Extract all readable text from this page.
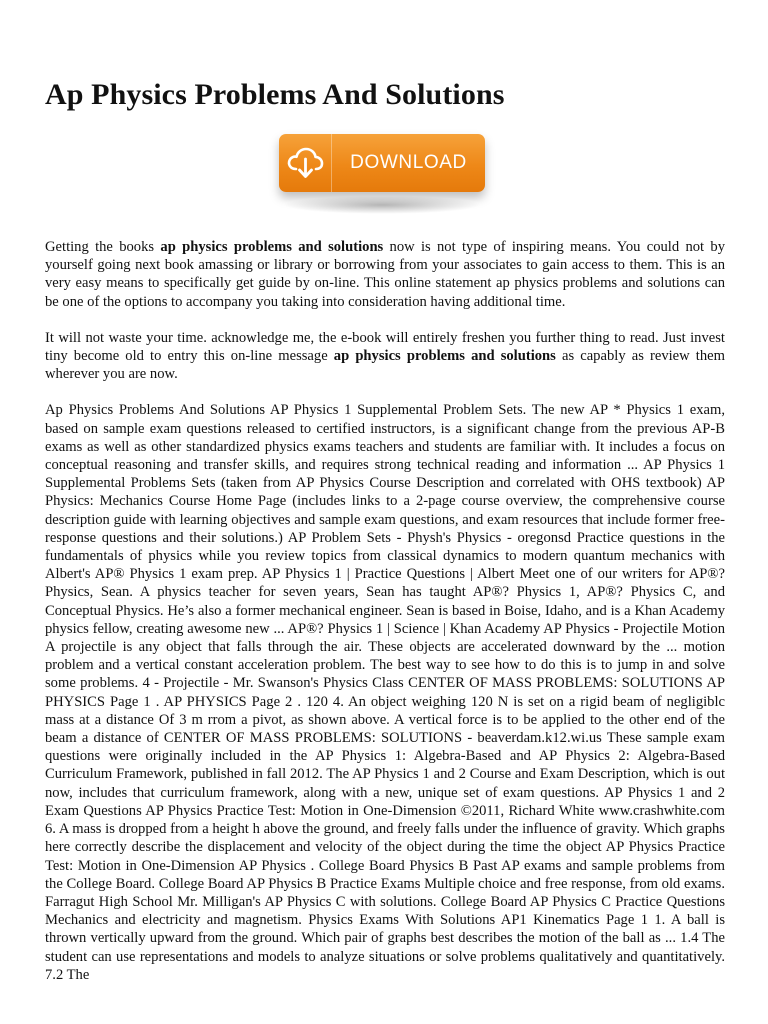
Ap Physics Problems And Solutions
DOWNLOAD

Getting the books ap physics problems and solutions now is not type of inspiring means. You could not by yourself going next book amassing or library or borrowing from your associates to gain access to them. This is an very easy means to specifically get guide by on-line. This online statement ap physics problems and solutions can be one of the options to accompany you taking into consideration having additional time.

It will not waste your time. acknowledge me, the e-book will entirely freshen you further thing to read. Just invest tiny become old to entry this on-line message ap physics problems and solutions as capably as review them wherever you are now.

Ap Physics Problems And Solutions AP Physics 1 Supplemental Problem Sets. The new AP * Physics 1 exam, based on sample exam questions released to certified instructors, is a significant change from the previous AP-B exams as well as other standardized physics exams teachers and students are familiar with. It includes a focus on conceptual reasoning and transfer skills, and requires strong technical reading and information ... AP Physics 1 Supplemental Problems Sets (taken from AP Physics Course Description and correlated with OHS textbook) AP Physics: Mechanics Course Home Page (includes links to a 2-page course overview, the comprehensive course description guide with learning objectives and sample exam questions, and exam resources that include former free-response questions and their solutions.) AP Problem Sets - Physh's Physics - oregonsd Practice questions in the fundamentals of physics while you review topics from classical dynamics to modern quantum mechanics with Albert's AP® Physics 1 exam prep. AP Physics 1 | Practice Questions | Albert Meet one of our writers for AP®? Physics, Sean. A physics teacher for seven years, Sean has taught AP®? Physics 1, AP®? Physics C, and Conceptual Physics. He’s also a former mechanical engineer. Sean is based in Boise, Idaho, and is a Khan Academy physics fellow, creating awesome new ... AP®? Physics 1 | Science | Khan Academy AP Physics - Projectile Motion A projectile is any object that falls through the air. These objects are accelerated downward by the ... motion problem and a vertical constant acceleration problem. The best way to see how to do this is to jump in and solve some problems. 4 - Projectile - Mr. Swanson's Physics Class CENTER OF MASS PROBLEMS: SOLUTIONS AP PHYSICS Page 1 . AP PHYSICS Page 2 . 120 4. An object weighing 120 N is set on a rigid beam of negligiblc mass at a distance Of 3 m rrom a pivot, as shown above. A vertical force is to be applied to the other end of the beam a distance of CENTER OF MASS PROBLEMS: SOLUTIONS - beaverdam.k12.wi.us These sample exam questions were originally included in the AP Physics 1: Algebra-Based and AP Physics 2: Algebra-Based Curriculum Framework, published in fall 2012. The AP Physics 1 and 2 Course and Exam Description, which is out now, includes that curriculum framework, along with a new, unique set of exam questions. AP Physics 1 and 2 Exam Questions AP Physics Practice Test: Motion in One-Dimension ©2011, Richard White www.crashwhite.com 6. A mass is dropped from a height h above the ground, and freely falls under the influence of gravity. Which graphs here correctly describe the displacement and velocity of the object during the time the object AP Physics Practice Test: Motion in One-Dimension AP Physics . College Board Physics B Past AP exams and sample problems from the College Board. College Board AP Physics B Practice Exams Multiple choice and free response, from old exams. Farragut High School Mr. Milligan's AP Physics C with solutions. College Board AP Physics C Practice Questions Mechanics and electricity and magnetism. Physics Exams With Solutions AP1 Kinematics Page 1 1. A ball is thrown vertically upward from the ground. Which pair of graphs best describes the motion of the ball as ... 1.4 The student can use representations and models to analyze situations or solve problems qualitatively and quantitatively. 7.2 The
